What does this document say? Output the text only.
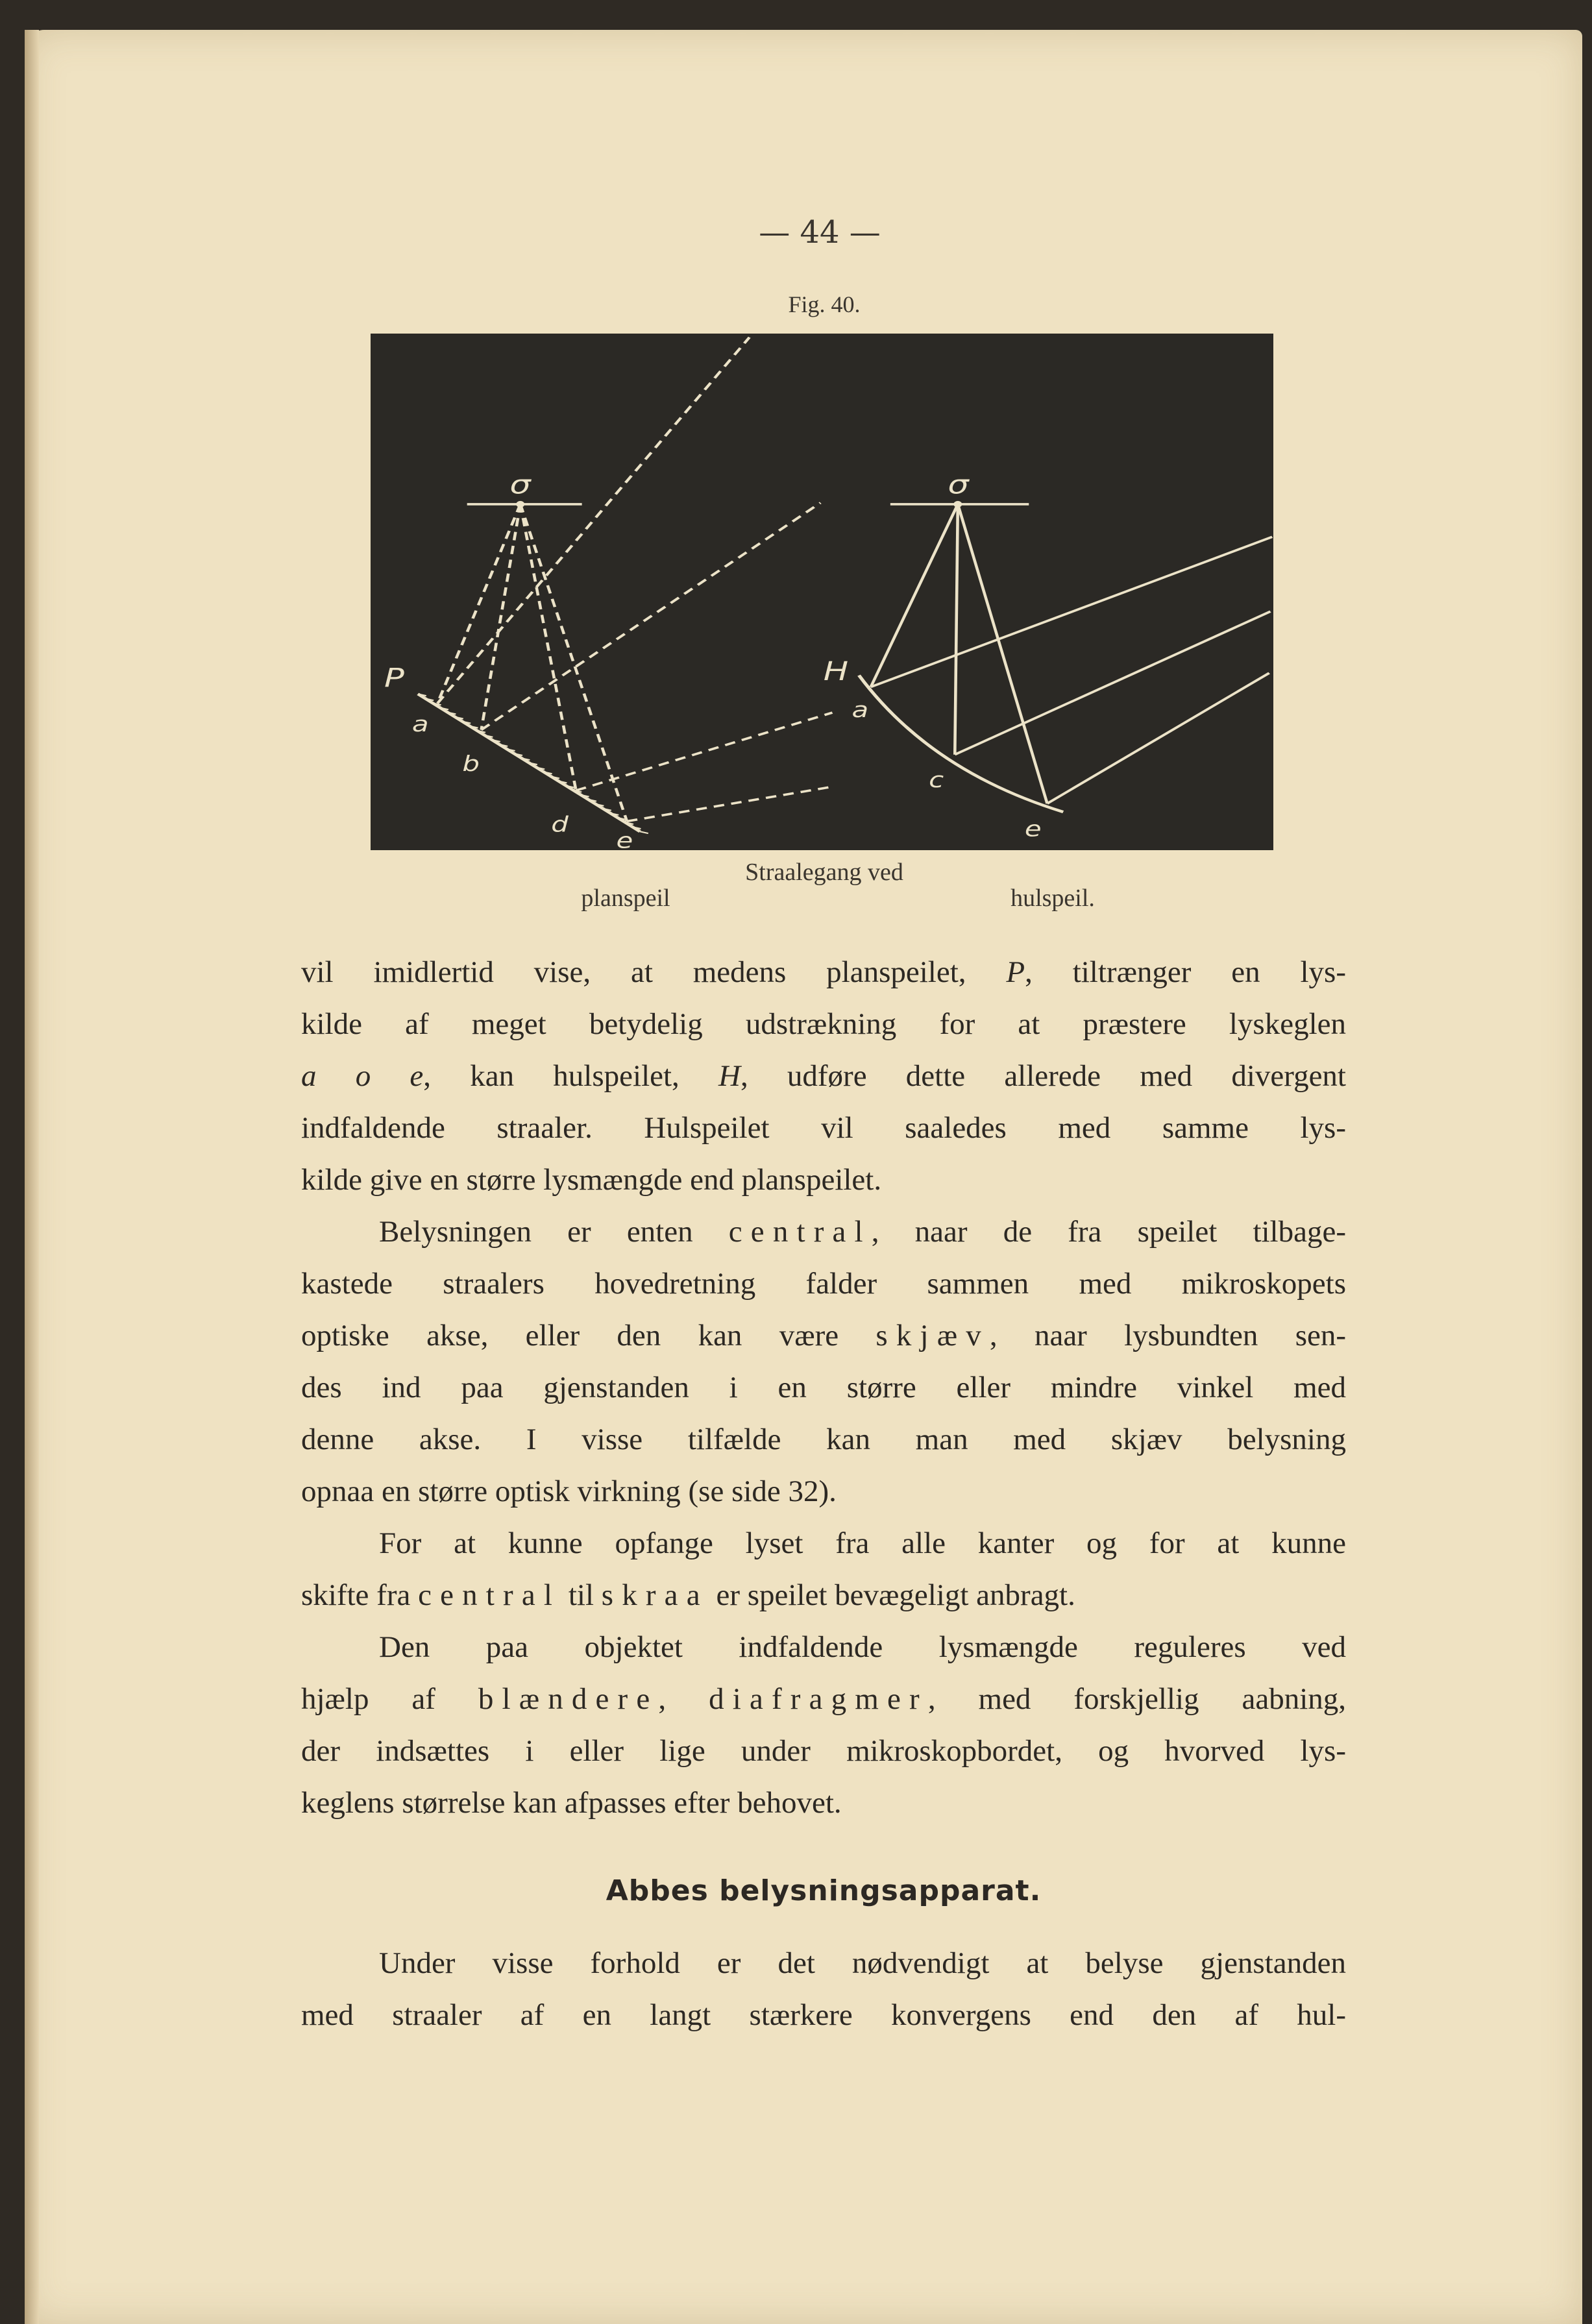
— 44 —
Fig. 40.
P	H
σ	σ
a
b
d
e
a
c
e
Straalegang ved
planspeil	hulspeil.
vil imidlertid vise, at medens planspeilet, P, tiltrænger en lys-
kilde af meget betydelig udstrækning for at præstere lyskeglen
a o e, kan hulspeilet, H, udføre dette allerede med divergent
indfaldende straaler. Hulspeilet vil saaledes med samme lys-
kilde give en større lysmængde end planspeilet.
Belysningen er enten central, naar de fra speilet tilbage-
kastede straalers hovedretning falder sammen med mikroskopets
optiske akse, eller den kan være skjæv, naar lysbundten sen-
des ind paa gjenstanden i en større eller mindre vinkel med
denne akse. I visse tilfælde kan man med skjæv belysning
opnaa en større optisk virkning (se side 32).
For at kunne opfange lyset fra alle kanter og for at kunne
skifte fra central til skraa er speilet bevægeligt anbragt.
Den paa objektet indfaldende lysmængde reguleres ved
hjælp af blændere, diafragmer, med forskjellig aabning,
der indsættes i eller lige under mikroskopbordet, og hvorved lys-
keglens størrelse kan afpasses efter behovet.
Abbes belysningsapparat.
Under visse forhold er det nødvendigt at belyse gjenstanden
med straaler af en langt stærkere konvergens end den af hul-
